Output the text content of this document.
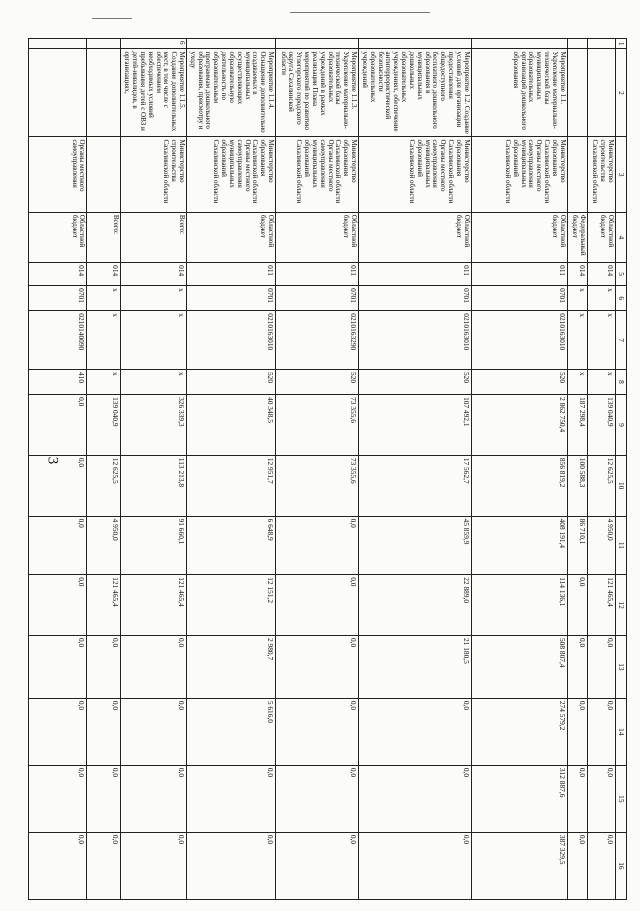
3
1	2	3	4	5	6	7	8	9	10	11	12	13	14	15	16
		Министерство строительства Сахалинской области	Областной бюджет	014	х	х	х	139 040,9	12 625,5	4 950,0	121 465,4	0,0	0,0	0,0	0,0
			Федеральный бюджет	014	х	х	х	187 298,4	100 588,3	86 710,1	0,0	0,0	0,0	0,0	0,0
	Мероприятие 1.1. Укрепление материально-технической базы муниципальных образовательных организаций дошкольного образования	Министерство образования Сахалинской области Органы местного самоуправления муниципальных образований Сахалинской области	Областной бюджет	011	0701	0210163010	520	2 862 750,4	856 819,2	408 191,4	114 136,1	508 807,4	274 579,2	312 887,6	387 329,5
	Мероприятие 1.2. Создание условий для организации предоставления общедоступного бесплатного дошкольного образования в муниципальных дошкольных образовательных учреждениях, обеспечение антитеррористической безопасности образовательных учреждений	Министерство образования Сахалинской области Органы местного самоуправления муниципальных образований Сахалинской области	Областной бюджет	011	0701	0210163010	520	107 492,1	17 562,7	45 859,9	22 889,0	21 180,5	0,0	0,0	0,0
	Мероприятие 1.1.3. Укрепление материально-технической базы образовательных учреждений в рамках реализации Плана мероприятий по развитию Углегорского городского округа Сахалинской области	Министерство образования Сахалинской области Органы местного самоуправления муниципальных образований Сахалинской области	Областной бюджет	011	0701	0210163290	520	73 355,6	73 355,6	0,0	0,0	0,0	0,0	0,0	0,0
	Мероприятие 1.1.4. Оснащение дополнительно создаваемых в муниципальных осуществляющих образовательную деятельность по образовательным программам дошкольного образования, присмотру и уходу	Министерство образования Сахалинской области Органы местного самоуправления муниципальных образований Сахалинской области	Областной бюджет	011	0701	0210163010	520	40 348,5	12 951,7	6 648,9	12 151,2	2 980,7	5 616,0	0,0	0,0
6	Мероприятие 1.1.5. Создание дополнительных мест, в том числе с обеспечением необходимых условий пребывания детей с ОВЗ и детей-инвалидов, в организациях,	Министерство строительства Сахалинской области	Всего:	014	х	х	х	326 339,3	113 213,8	91 660,1	121 465,4	0,0	0,0	0,0	0,0
			Всего:	014	х	х	х	139 040,9	12 625,5	4 950,0	121 465,4	0,0	0,0	0,0	0,0
		Органы местного самоуправления	Областной бюджет	014	0701	0210140090	410	0,0	0,0	0,0	0,0	0,0	0,0	0,0	0,0
